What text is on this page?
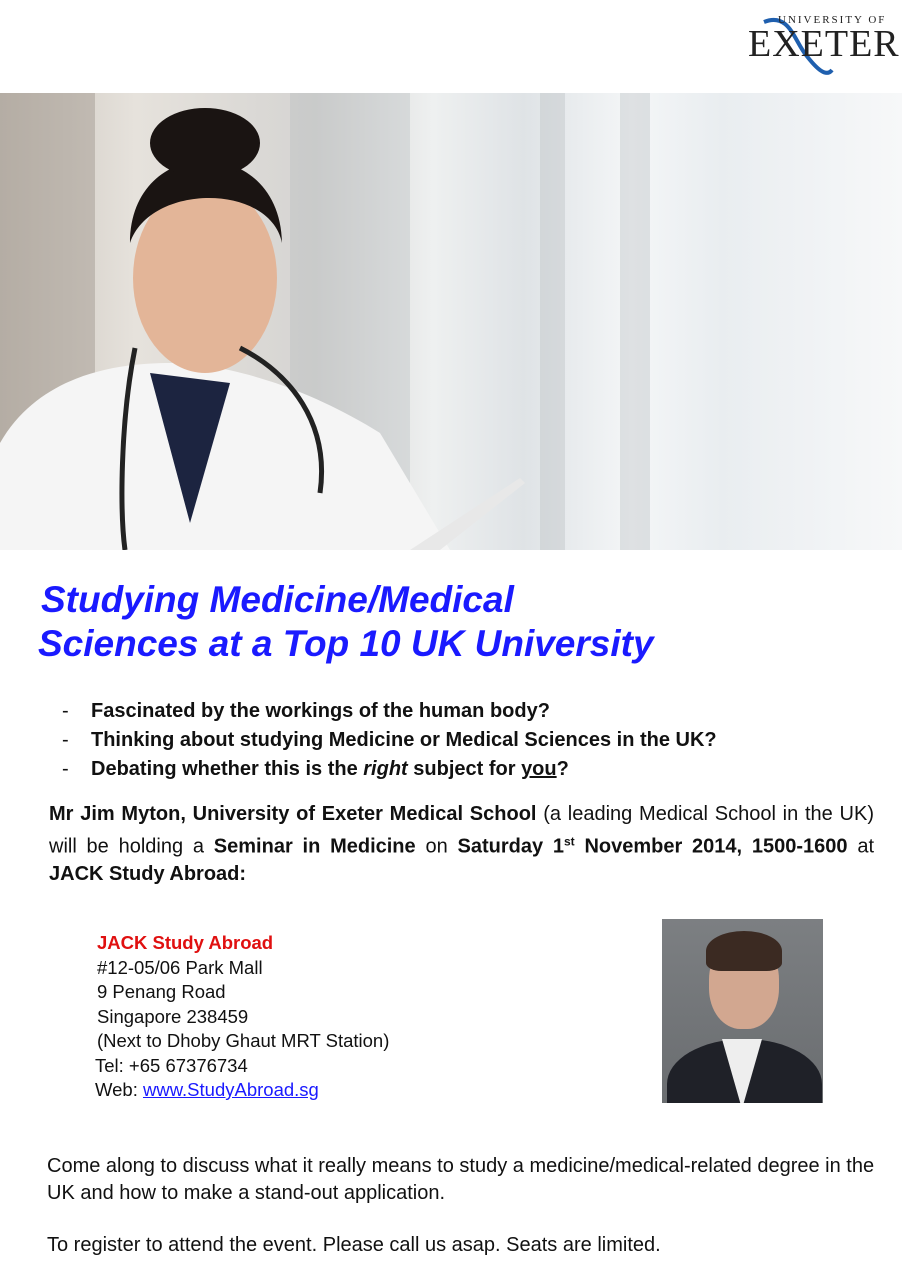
UNIVERSITY OF
EXETER
Studying Medicine/Medical
Sciences at a Top 10 UK University
- Fascinated by the workings of the human body?
- Thinking about studying Medicine or Medical Sciences in the UK?
- Debating whether this is the right subject for you?
Mr Jim Myton, University of Exeter Medical School (a leading Medical School in the UK) will be holding a Seminar in Medicine on Saturday 1st November 2014, 1500-1600 at JACK Study Abroad:
JACK Study Abroad
#12-05/06 Park Mall
9 Penang Road
Singapore 238459
(Next to Dhoby Ghaut MRT Station)
Tel: +65 67376734
Web: www.StudyAbroad.sg
Come along to discuss what it really means to study a medicine/medical-related degree in the UK and how to make a stand-out application.
To register to attend the event. Please call us asap. Seats are limited.
